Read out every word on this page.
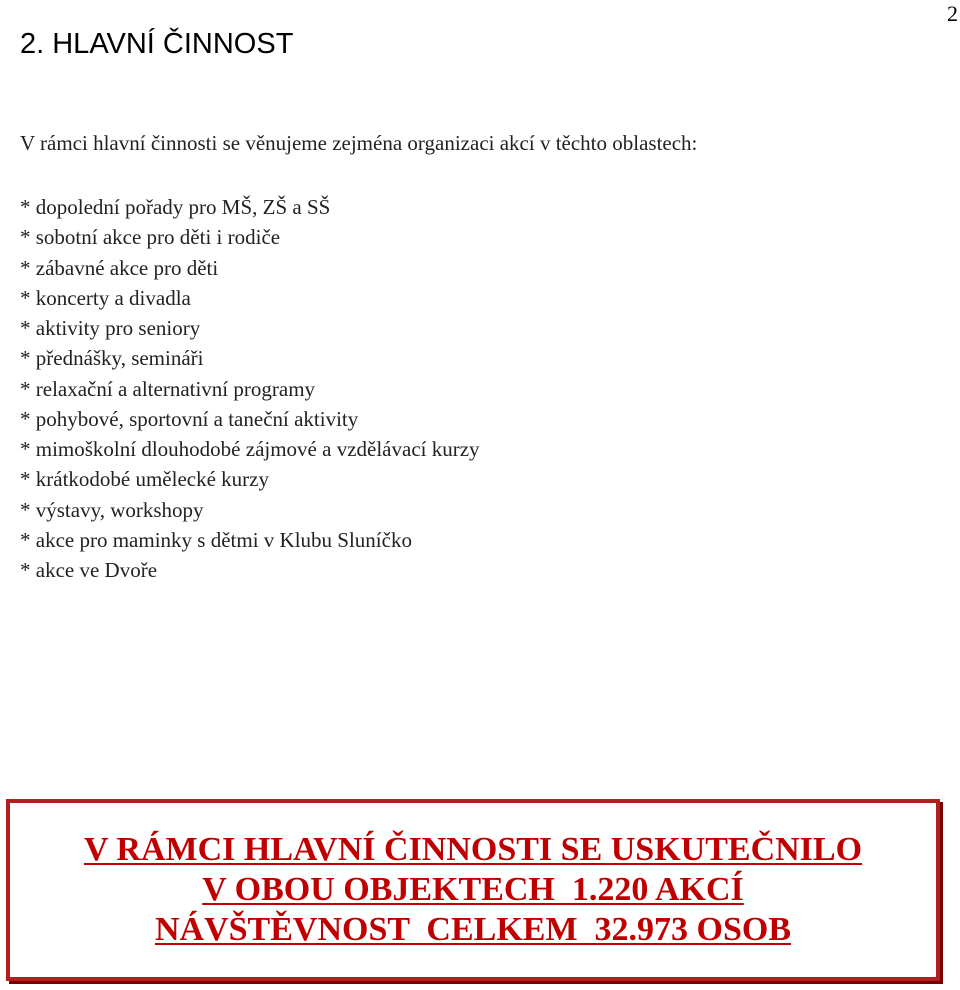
2
2. HLAVNÍ ČINNOST

V rámci hlavní činnosti se věnujeme zejména organizaci akcí v těchto oblastech:

* dopolední pořady pro MŠ, ZŠ a SŠ
* sobotní akce pro děti i rodiče
* zábavné akce pro děti
* koncerty a divadla
* aktivity pro seniory
* přednášky, semináři
* relaxační a alternativní programy
* pohybové, sportovní a taneční aktivity
* mimoškolní dlouhodobé zájmové a vzdělávací kurzy
* krátkodobé umělecké kurzy
* výstavy, workshopy
* akce pro maminky s dětmi v Klubu Sluníčko
* akce ve Dvoře
V RÁMCI HLAVNÍ ČINNOSTI SE USKUTEČNILO
V OBOU OBJEKTECH  1.220 AKCÍ
NÁVŠTĚVNOST  CELKEM  32.973 OSOB
